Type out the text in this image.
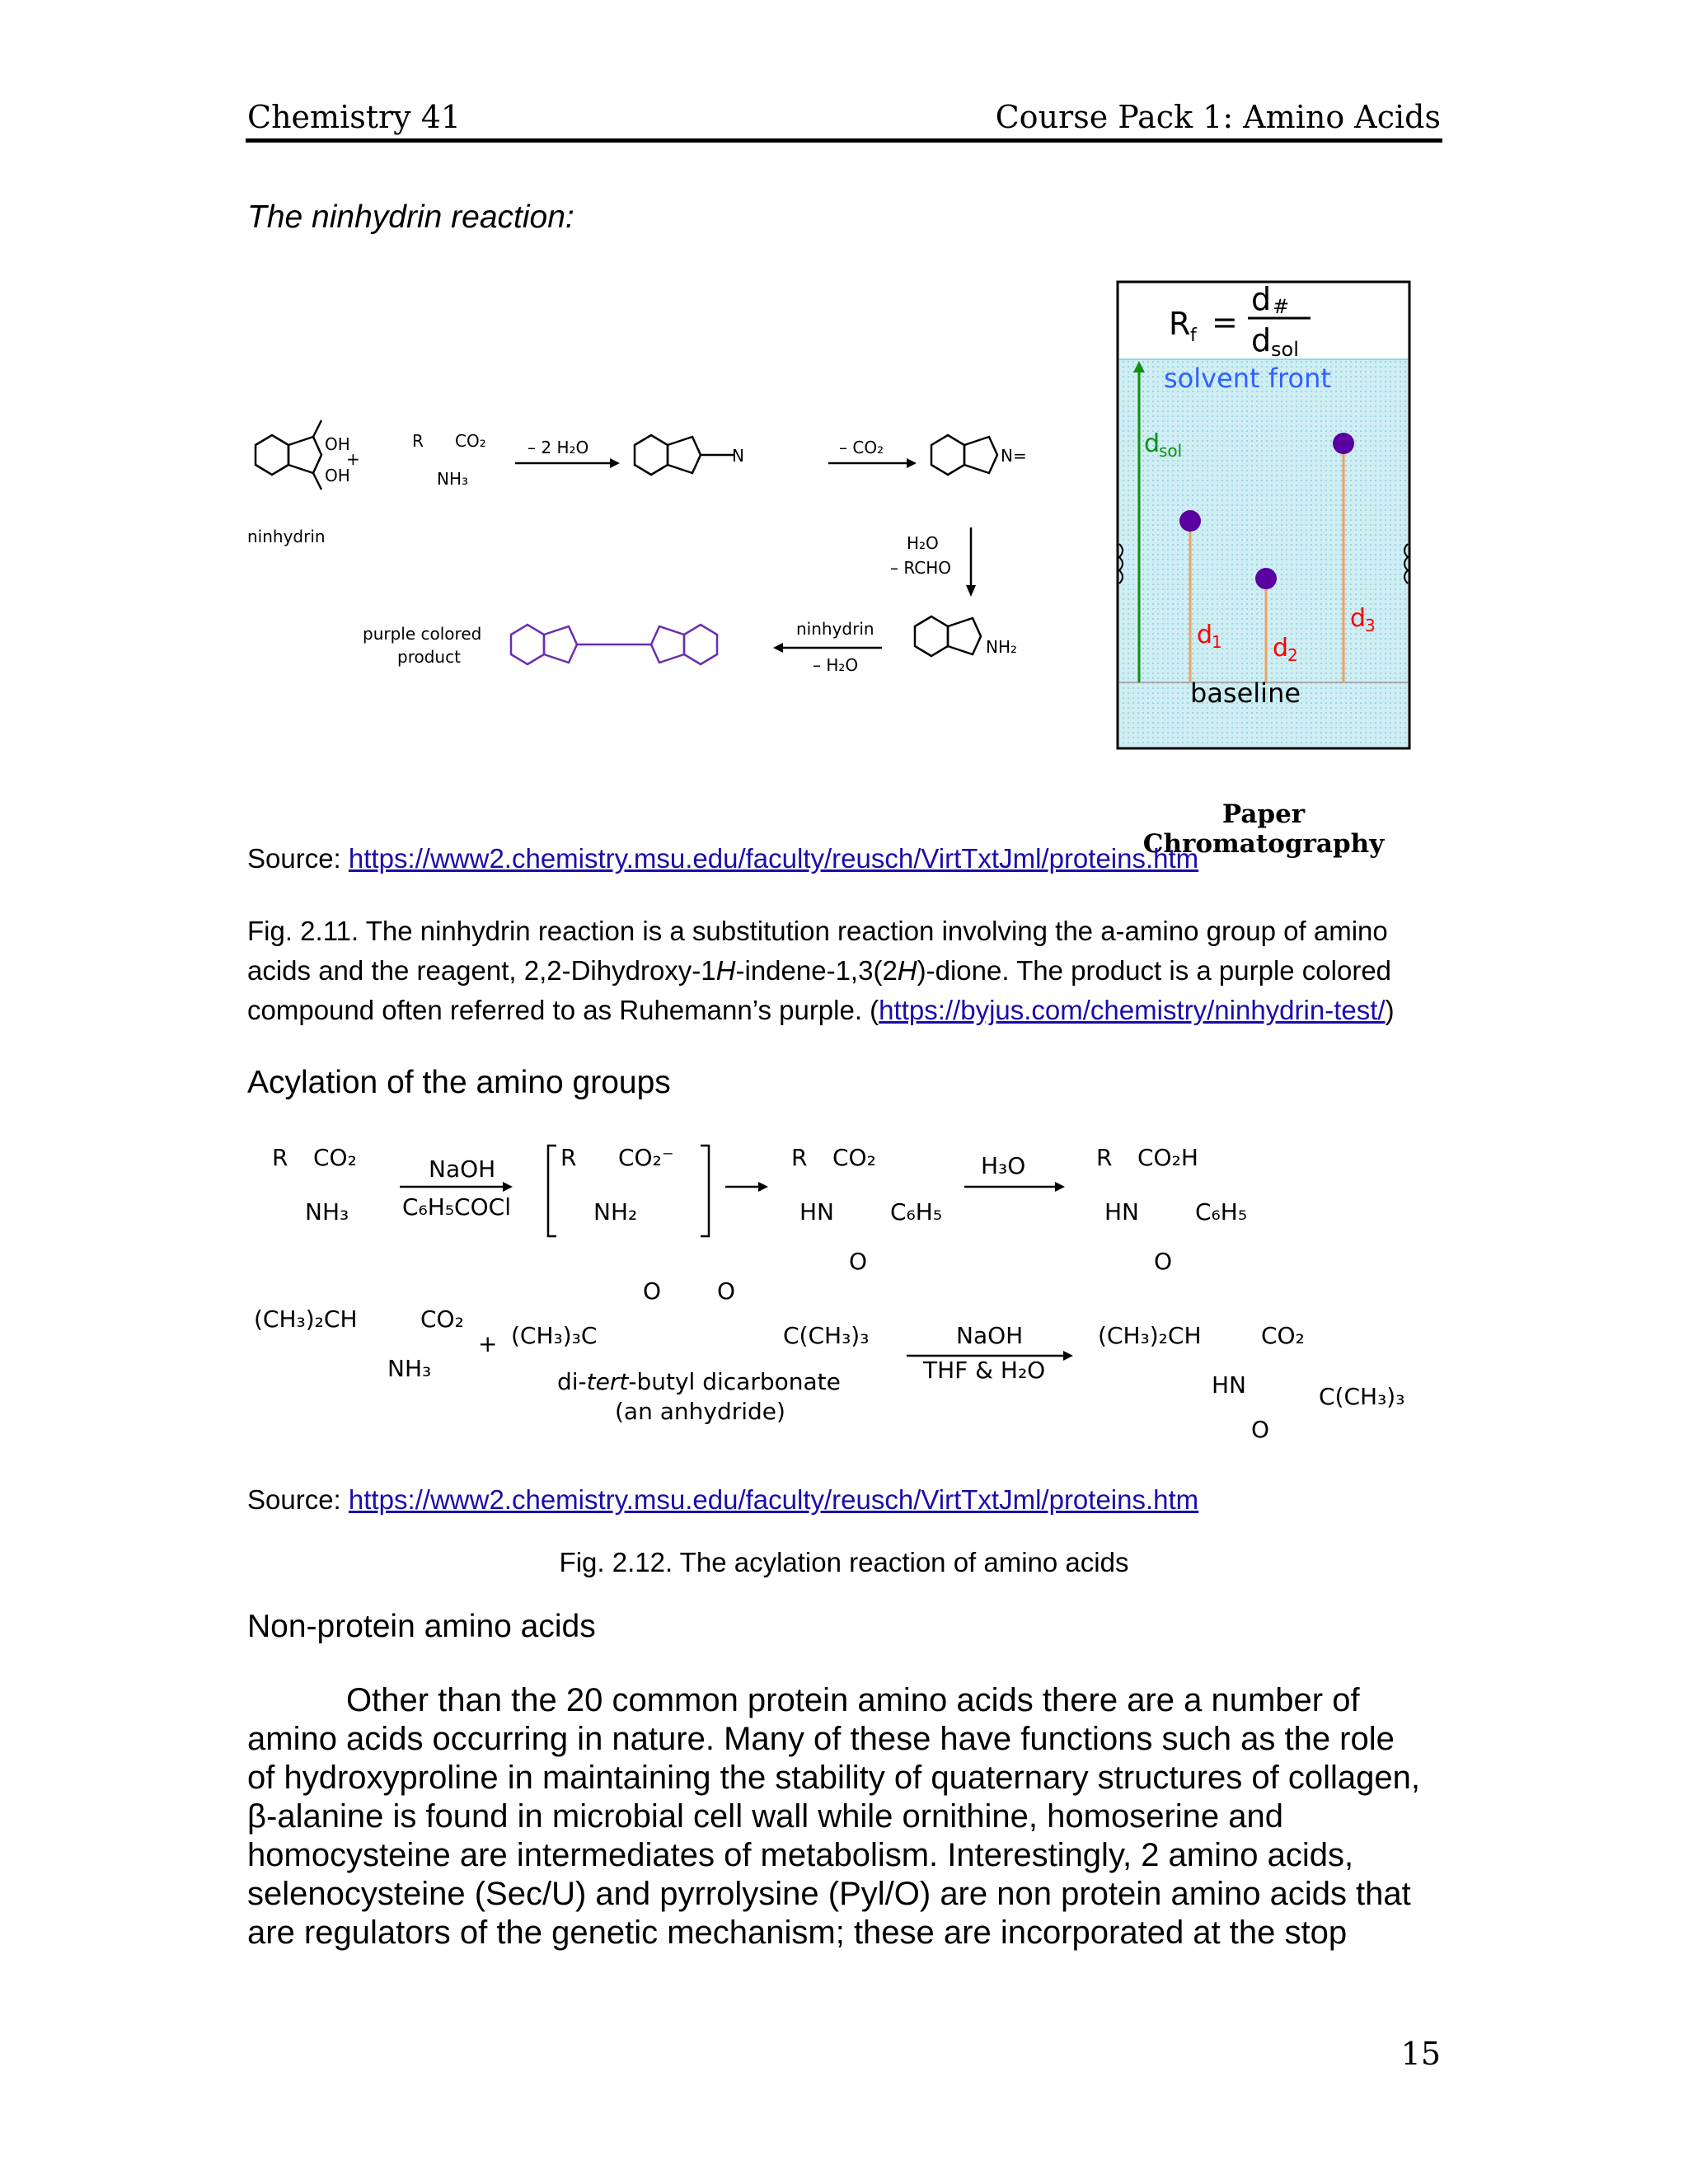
Chemistry 41	Course Pack 1: Amino Acids
The ninhydrin reaction:
ninhydrin
OH
OH
+
R CO₂
NH₃
– 2 H₂O	N	– CO₂	N=
H₂O
– RCHO
ninhydrin
– H₂O
NH₂
purple colored
product
R f =
d #
d sol
solvent front
d
sol
d
1 d
2
d
3
baseline
Paper Chromatography
Source: https://www2.chemistry.msu.edu/faculty/reusch/VirtTxtJml/proteins.htm
Fig. 2.11. The ninhydrin reaction is a substitution reaction involving the a-amino group of amino
acids and the reagent, 2,2-Dihydroxy-1H-indene-1,3(2H)-dione. The product is a purple colored
compound often referred to as Ruhemann’s purple. (https://byjus.com/chemistry/ninhydrin-test/)
Acylation of the amino groups
R CO₂
NH₃
NaOH
C₆H₅COCl
R CO₂⁻
NH₂
R CO₂
HN C₆H₅
O
H₃O	R CO₂H
HN C₆H₅
O
(CH₃)₂CH	CO₂
NH₃
+ (CH₃)₃C	C(CH₃)₃
O O
NaOH
THF & H₂O
(CH₃)₂CH	CO₂
HN	C(CH₃)₃
O
di-tert-butyl dicarbonate
(an anhydride)
Source: https://www2.chemistry.msu.edu/faculty/reusch/VirtTxtJml/proteins.htm
Fig. 2.12. The acylation reaction of amino acids
Non-protein amino acids
Other than the 20 common protein amino acids there are a number of
amino acids occurring in nature. Many of these have functions such as the role
of hydroxyproline in maintaining the stability of quaternary structures of collagen,
β-alanine is found in microbial cell wall while ornithine, homoserine and
homocysteine are intermediates of metabolism. Interestingly, 2 amino acids,
selenocysteine (Sec/U) and pyrrolysine (Pyl/O) are non protein amino acids that
are regulators of the genetic mechanism; these are incorporated at the stop
15
